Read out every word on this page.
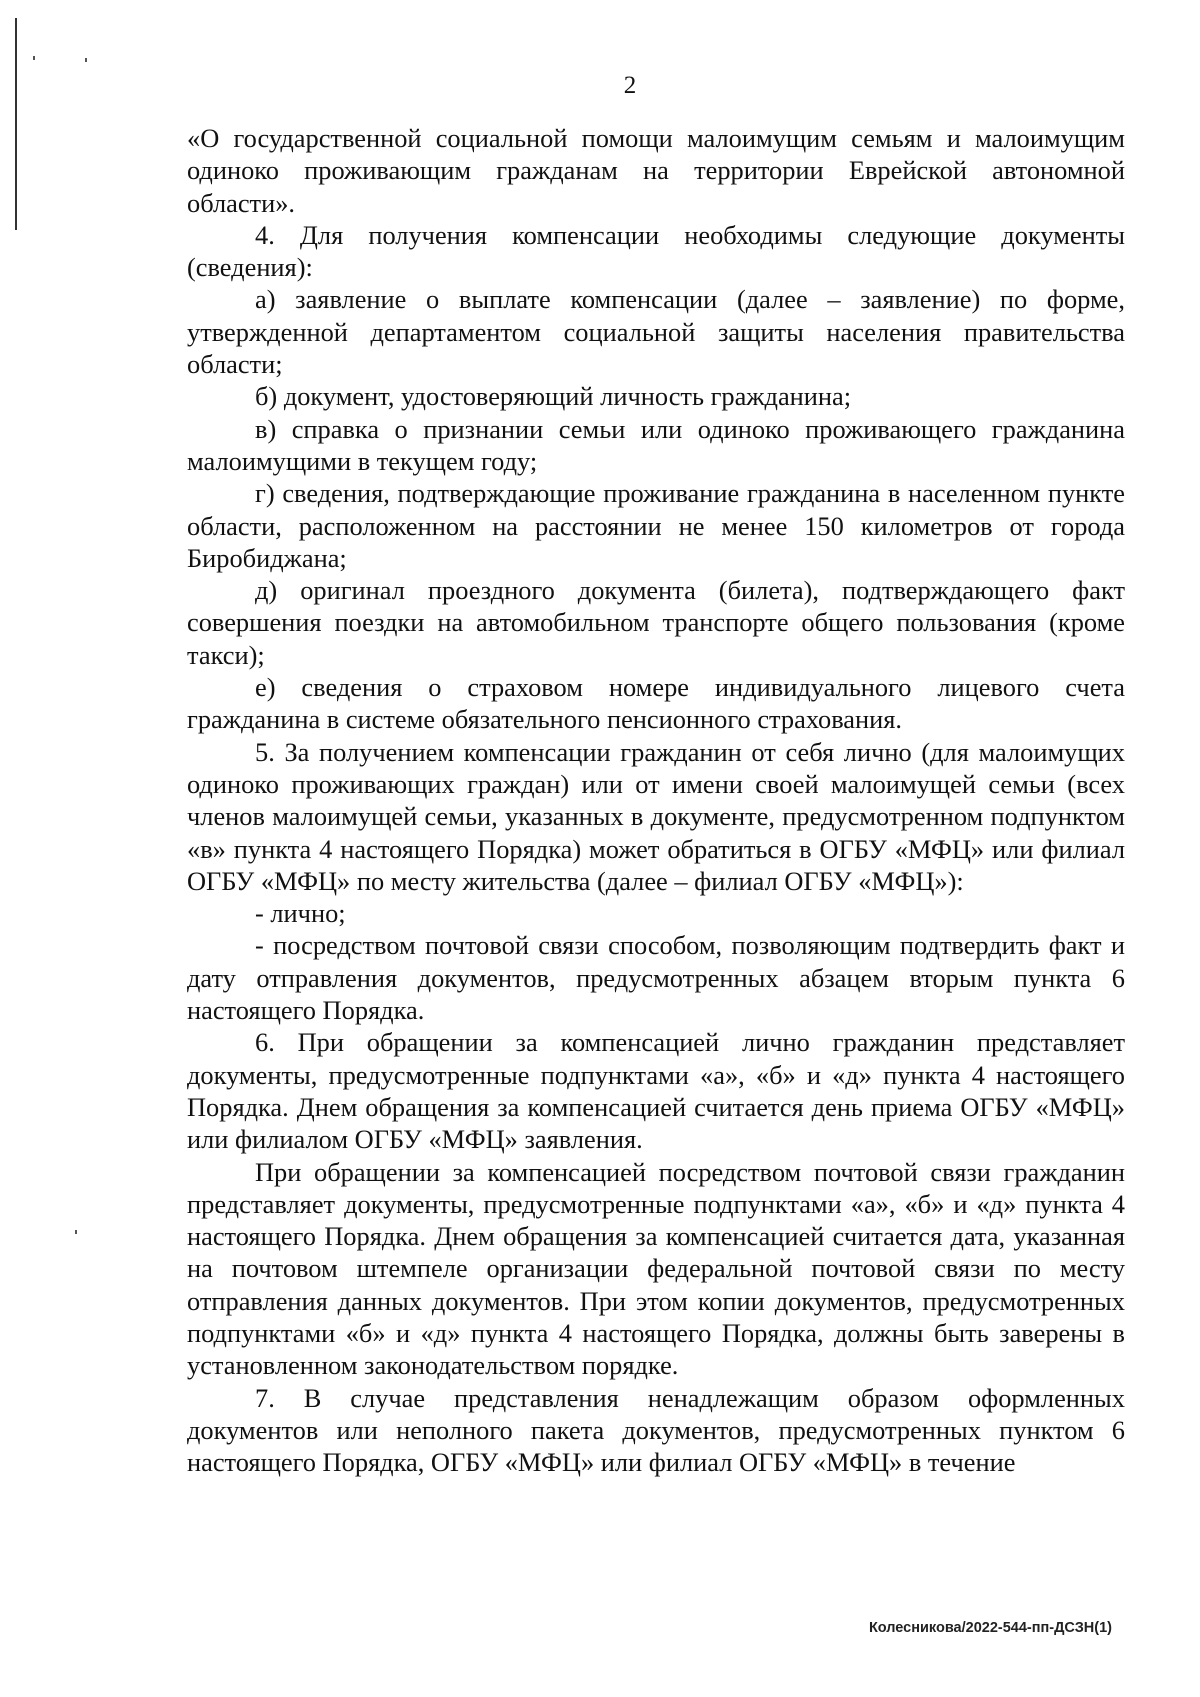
2

«О государственной социальной помощи малоимущим семьям и малоимущим одиноко проживающим гражданам на территории Еврейской автономной области».

4. Для получения компенсации необходимы следующие документы (сведения):

а) заявление о выплате компенсации (далее – заявление) по форме, утвержденной департаментом социальной защиты населения правительства области;

б) документ, удостоверяющий личность гражданина;

в) справка о признании семьи или одиноко проживающего гражданина малоимущими в текущем году;

г) сведения, подтверждающие проживание гражданина в населенном пункте области, расположенном на расстоянии не менее 150 километров от города Биробиджана;

д) оригинал проездного документа (билета), подтверждающего факт совершения поездки на автомобильном транспорте общего пользования (кроме такси);

е) сведения о страховом номере индивидуального лицевого счета гражданина в системе обязательного пенсионного страхования.

5. За получением компенсации гражданин от себя лично (для малоимущих одиноко проживающих граждан) или от имени своей малоимущей семьи (всех членов малоимущей семьи, указанных в документе, предусмотренном подпунктом «в» пункта 4 настоящего Порядка) может обратиться в ОГБУ «МФЦ» или филиал ОГБУ «МФЦ» по месту жительства (далее – филиал ОГБУ «МФЦ»):

- лично;

- посредством почтовой связи способом, позволяющим подтвердить факт и дату отправления документов, предусмотренных абзацем вторым пункта 6 настоящего Порядка.

6. При обращении за компенсацией лично гражданин представляет документы, предусмотренные подпунктами «а», «б» и «д» пункта 4 настоящего Порядка. Днем обращения за компенсацией считается день приема ОГБУ «МФЦ» или филиалом ОГБУ «МФЦ» заявления.

При обращении за компенсацией посредством почтовой связи гражданин представляет документы, предусмотренные подпунктами «а», «б» и «д» пункта 4 настоящего Порядка. Днем обращения за компенсацией считается дата, указанная на почтовом штемпеле организации федеральной почтовой связи по месту отправления данных документов. При этом копии документов, предусмотренных подпунктами «б» и «д» пункта 4 настоящего Порядка, должны быть заверены в установленном законодательством порядке.

7. В случае представления ненадлежащим образом оформленных документов или неполного пакета документов, предусмотренных пунктом 6 настоящего Порядка, ОГБУ «МФЦ» или филиал ОГБУ «МФЦ» в течение

Колесникова/2022-544-пп-ДСЗН(1)
